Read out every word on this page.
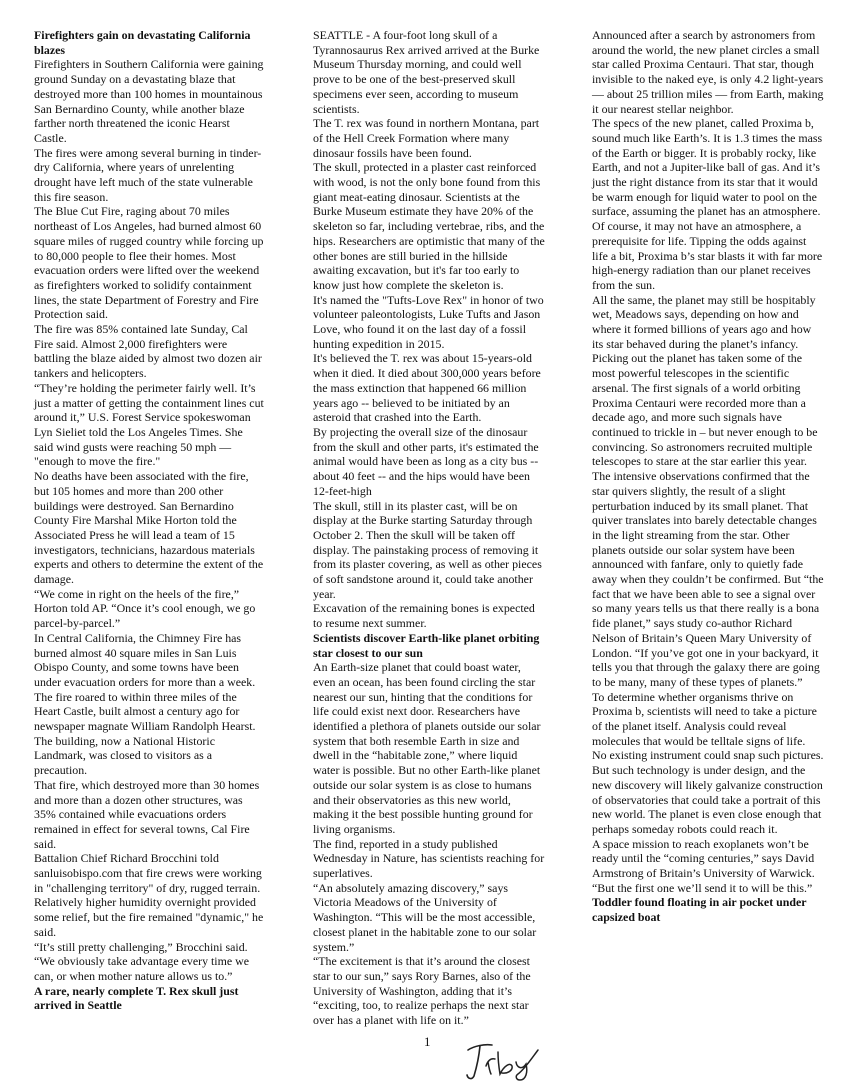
Firefighters gain on devastating California blazes

Firefighters in Southern California were gaining ground Sunday on a devastating blaze that destroyed more than 100 homes in mountainous San Bernardino County, while another blaze farther north threatened the iconic Hearst Castle.

The fires were among several burning in tinder-dry California, where years of unrelenting drought have left much of the state vulnerable this fire season.

The Blue Cut Fire, raging about 70 miles northeast of Los Angeles, had burned almost 60 square miles of rugged country while forcing up to 80,000 people to flee their homes. Most evacuation orders were lifted over the weekend as firefighters worked to solidify containment lines, the state Department of Forestry and Fire Protection said.

The fire was 85% contained late Sunday, Cal Fire said. Almost 2,000 firefighters were battling the blaze aided by almost two dozen air tankers and helicopters.

“They’re holding the perimeter fairly well. It’s just a matter of getting the containment lines cut around it,” U.S. Forest Service spokeswoman Lyn Sieliet told the Los Angeles Times. She said wind gusts were reaching 50 mph — "enough to move the fire."

No deaths have been associated with the fire, but 105 homes and more than 200 other buildings were destroyed. San Bernardino County Fire Marshal Mike Horton told the Associated Press he will lead a team of 15 investigators, technicians, hazardous materials experts and others to determine the extent of the damage.

“We come in right on the heels of the fire,” Horton told AP. “Once it’s cool enough, we go parcel-by-parcel.”

In Central California, the Chimney Fire has burned almost 40 square miles in San Luis Obispo County, and some towns have been under evacuation orders for more than a week. The fire roared to within three miles of the Heart Castle, built almost a century ago for newspaper magnate William Randolph Hearst. The building, now a National Historic Landmark, was closed to visitors as a precaution.

That fire, which destroyed more than 30 homes and more than a dozen other structures, was 35% contained while evacuations orders remained in effect for several towns, Cal Fire said.

Battalion Chief Richard Brocchini told sanluisobispo.com that fire crews were working in "challenging territory" of dry, rugged terrain. Relatively higher humidity overnight provided some relief, but the fire remained "dynamic," he said.

“It’s still pretty challenging,” Brocchini said. “We obviously take advantage every time we can, or when mother nature allows us to.”

A rare, nearly complete T. Rex skull just arrived in Seattle

SEATTLE - A four-foot long skull of a Tyrannosaurus Rex arrived arrived at the Burke Museum Thursday morning, and could well prove to be one of the best-preserved skull specimens ever seen, according to museum scientists.

The T. rex was found in northern Montana, part of the Hell Creek Formation where many dinosaur fossils have been found.

The skull, protected in a plaster cast reinforced with wood, is not the only bone found from this giant meat-eating dinosaur. Scientists at the Burke Museum estimate they have 20% of the skeleton so far, including vertebrae, ribs, and the hips. Researchers are optimistic that many of the other bones are still buried in the hillside awaiting excavation, but it's far too early to know just how complete the skeleton is.

It's named the "Tufts-Love Rex" in honor of two volunteer paleontologists, Luke Tufts and Jason Love, who found it on the last day of a fossil hunting expedition in 2015.

It's believed the T. rex was about 15-years-old when it died. It died about 300,000 years before the mass extinction that happened 66 million years ago -- believed to be initiated by an asteroid that crashed into the Earth.

By projecting the overall size of the dinosaur from the skull and other parts, it's estimated the animal would have been as long as a city bus -- about 40 feet -- and the hips would have been 12-feet-high

The skull, still in its plaster cast, will be on display at the Burke starting Saturday through October 2. Then the skull will be taken off display. The painstaking process of removing it from its plaster covering, as well as other pieces of soft sandstone around it, could take another year.

Excavation of the remaining bones is expected to resume next summer.

Scientists discover Earth-like planet orbiting star closest to our sun

An Earth-size planet that could boast water, even an ocean, has been found circling the star nearest our sun, hinting that the conditions for life could exist next door. Researchers have identified a plethora of planets outside our solar system that both resemble Earth in size and dwell in the “habitable zone,” where liquid water is possible. But no other Earth-like planet outside our solar system is as close to humans and their observatories as this new world, making it the best possible hunting ground for living organisms.

The find, reported in a study published Wednesday in Nature, has scientists reaching for superlatives.

“An absolutely amazing discovery,” says Victoria Meadows of the University of Washington. “This will be the most accessible, closest planet in the habitable zone to our solar system.”

“The excitement is that it’s around the closest star to our sun,” says Rory Barnes, also of the University of Washington, adding that it’s “exciting, too, to realize perhaps the next star over has a planet with life on it.”

Announced after a search by astronomers from around the world, the new planet circles a small star called Proxima Centauri. That star, though invisible to the naked eye, is only 4.2 light-years — about 25 trillion miles — from Earth, making it our nearest stellar neighbor.

The specs of the new planet, called Proxima b, sound much like Earth’s. It is 1.3 times the mass of the Earth or bigger. It is probably rocky, like Earth, and not a Jupiter-like ball of gas. And it’s just the right distance from its star that it would be warm enough for liquid water to pool on the surface, assuming the planet has an atmosphere.

Of course, it may not have an atmosphere, a prerequisite for life. Tipping the odds against life a bit, Proxima b’s star blasts it with far more high-energy radiation than our planet receives from the sun.

All the same, the planet may still be hospitably wet, Meadows says, depending on how and where it formed billions of years ago and how its star behaved during the planet’s infancy.

Picking out the planet has taken some of the most powerful telescopes in the scientific arsenal. The first signals of a world orbiting Proxima Centauri were recorded more than a decade ago, and more such signals have continued to trickle in – but never enough to be convincing. So astronomers recruited multiple telescopes to stare at the star earlier this year.

The intensive observations confirmed that the star quivers slightly, the result of a slight perturbation induced by its small planet. That quiver translates into barely detectable changes in the light streaming from the star. Other planets outside our solar system have been announced with fanfare, only to quietly fade away when they couldn’t be confirmed. But “the fact that we have been able to see a signal over so many years tells us that there really is a bona fide planet,” says study co-author Richard Nelson of Britain’s Queen Mary University of London. “If you’ve got one in your backyard, it tells you that through the galaxy there are going to be many, many of these types of planets.”

To determine whether organisms thrive on Proxima b, scientists will need to take a picture of the planet itself. Analysis could reveal molecules that would be telltale signs of life.

No existing instrument could snap such pictures. But such technology is under design, and the new discovery will likely galvanize construction of observatories that could take a portrait of this new world. The planet is even close enough that perhaps someday robots could reach it.

A space mission to reach exoplanets won’t be ready until the “coming centuries,” says David Armstrong of Britain’s University of Warwick. “But the first one we’ll send it to will be this.”

Toddler found floating in air pocket under capsized boat
1
